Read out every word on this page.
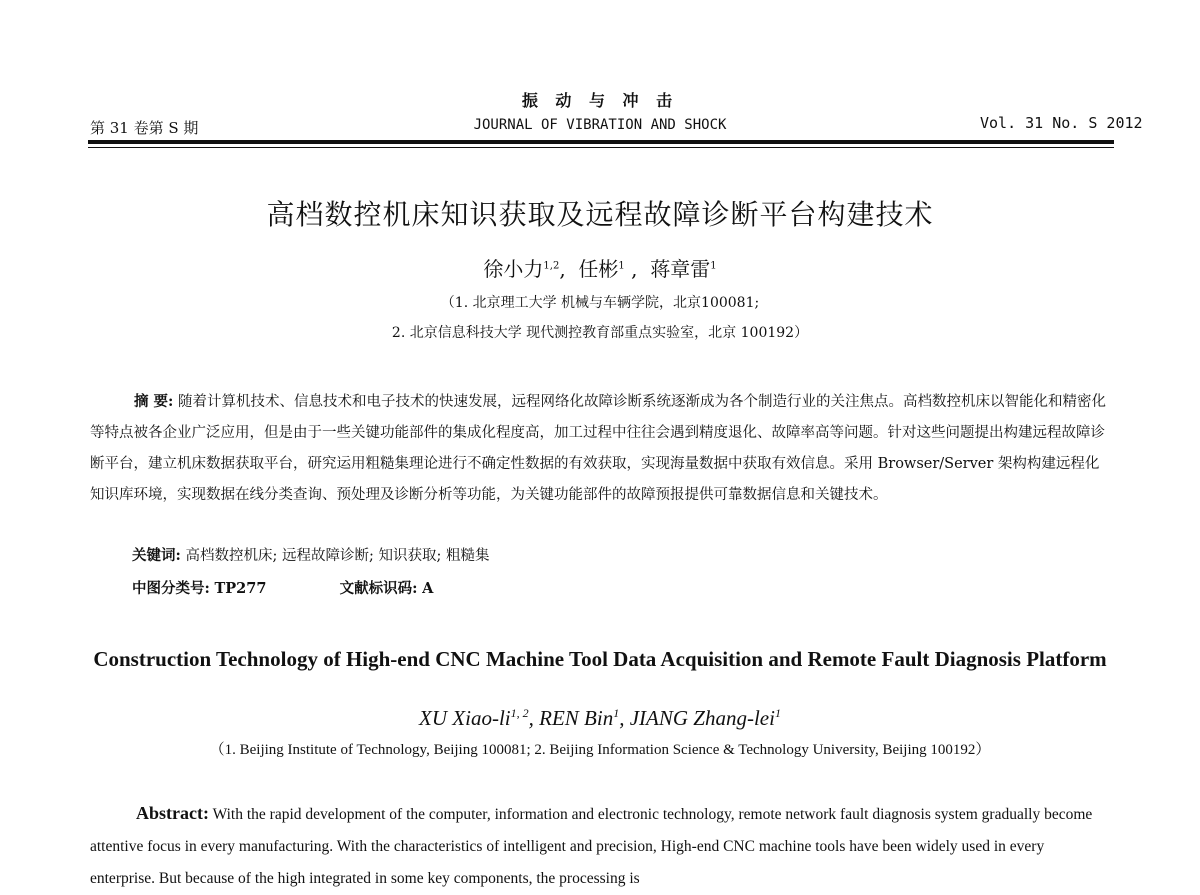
振 动 与 冲 击
第 31 卷第 S 期	JOURNAL OF VIBRATION AND SHOCK	Vol. 31 No. S 2012
高档数控机床知识获取及远程故障诊断平台构建技术
徐小力$^{1,2}$,  任彬$^1$ ,  蒋章雷$^1$
（1. 北京理工大学 机械与车辆学院，北京100081;
2. 北京信息科技大学 现代测控教育部重点实验室，北京 100192）

摘 要: 随着计算机技术、信息技术和电子技术的快速发展，远程网络化故障诊断系统逐渐成为各个制造行业的关注焦点。高档数控机床以智能化和精密化等特点被各企业广泛应用，但是由于一些关键功能部件的集成化程度高，加工过程中往往会遇到精度退化、故障率高等问题。针对这些问题提出构建远程故障诊断平台，建立机床数据获取平台，研究运用粗糙集理论进行不确定性数据的有效获取，实现海量数据中获取有效信息。采用 Browser/Server 架构构建远程化知识库环境，实现数据在线分类查询、预处理及诊断分析等功能，为关键功能部件的故障预报提供可靠数据信息和关键技术。

关键词: 高档数控机床; 远程故障诊断; 知识获取; 粗糙集
中图分类号: TP277	文献标识码: A
Construction Technology of High-end CNC Machine Tool Data Acquisition and Remote Fault Diagnosis Platform
XU Xiao-li$^{1, 2}$, REN Bin$^1$, JIANG Zhang-lei$^1$
（1. Beijing Institute of Technology, Beijing 100081; 2. Beijing Information Science & Technology University, Beijing 100192）

Abstract: With the rapid development of the computer, information and electronic technology, remote network fault diagnosis system gradually become attentive focus in every manufacturing. With the characteristics of intelligent and precision, High-end CNC machine tools have been widely used in every enterprise. But because of the high integrated in some key components, the processing is
